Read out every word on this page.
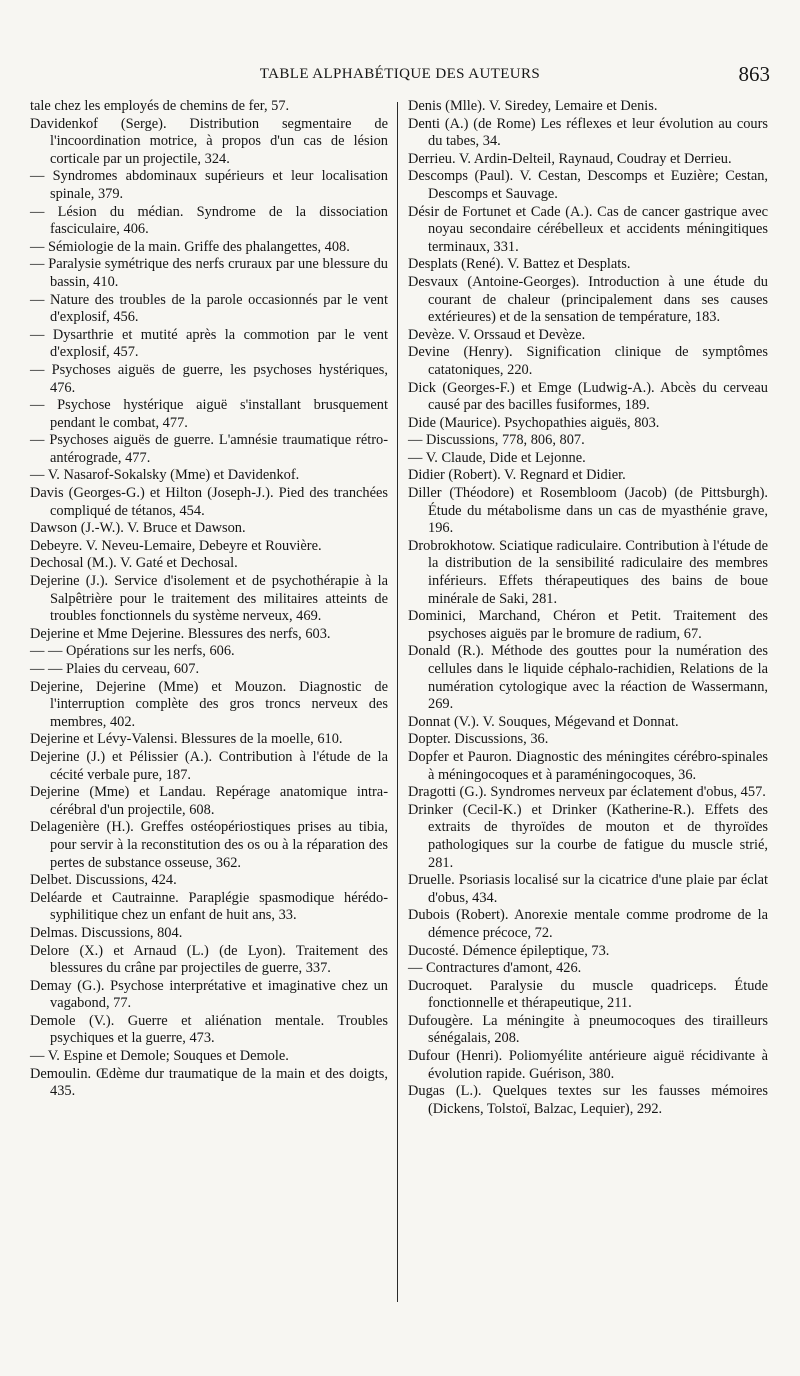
TABLE ALPHABÉTIQUE DES AUTEURS	863

tale chez les employés de chemins de fer, 57.

Davidenkof (Serge). Distribution segmentaire de l'incoordination motrice, à propos d'un cas de lésion corticale par un projectile, 324.

— Syndromes abdominaux supérieurs et leur localisation spinale, 379.

— Lésion du médian. Syndrome de la dissociation fasciculaire, 406.

— Sémiologie de la main. Griffe des phalangettes, 408.

— Paralysie symétrique des nerfs cruraux par une blessure du bassin, 410.

— Nature des troubles de la parole occasionnés par le vent d'explosif, 456.

— Dysarthrie et mutité après la commotion par le vent d'explosif, 457.

— Psychoses aiguës de guerre, les psychoses hystériques, 476.

— Psychose hystérique aiguë s'installant brusquement pendant le combat, 477.

— Psychoses aiguës de guerre. L'amnésie traumatique rétro-antérograde, 477.

— V. Nasarof-Sokalsky (Mme) et Davidenkof.

Davis (Georges-G.) et Hilton (Joseph-J.). Pied des tranchées compliqué de tétanos, 454.

Dawson (J.-W.). V. Bruce et Dawson.

Debeyre. V. Neveu-Lemaire, Debeyre et Rouvière.

Dechosal (M.). V. Gaté et Dechosal.

Dejerine (J.). Service d'isolement et de psychothérapie à la Salpêtrière pour le traitement des militaires atteints de troubles fonctionnels du système nerveux, 469.

Dejerine et Mme Dejerine. Blessures des nerfs, 603.

— — Opérations sur les nerfs, 606.

— — Plaies du cerveau, 607.

Dejerine, Dejerine (Mme) et Mouzon. Diagnostic de l'interruption complète des gros troncs nerveux des membres, 402.

Dejerine et Lévy-Valensi. Blessures de la moelle, 610.

Dejerine (J.) et Pélissier (A.). Contribution à l'étude de la cécité verbale pure, 187.

Dejerine (Mme) et Landau. Repérage anatomique intra-cérébral d'un projectile, 608.

Delagenière (H.). Greffes ostéopériostiques prises au tibia, pour servir à la reconstitution des os ou à la réparation des pertes de substance osseuse, 362.

Delbet. Discussions, 424.

Deléarde et Cautrainne. Paraplégie spasmodique hérédo-syphilitique chez un enfant de huit ans, 33.

Delmas. Discussions, 804.

Delore (X.) et Arnaud (L.) (de Lyon). Traitement des blessures du crâne par projectiles de guerre, 337.

Demay (G.). Psychose interprétative et imaginative chez un vagabond, 77.

Demole (V.). Guerre et aliénation mentale. Troubles psychiques et la guerre, 473.

— V. Espine et Demole; Souques et Demole.

Demoulin. Œdème dur traumatique de la main et des doigts, 435.

Denis (Mlle). V. Siredey, Lemaire et Denis.

Denti (A.) (de Rome) Les réflexes et leur évolution au cours du tabes, 34.

Derrieu. V. Ardin-Delteil, Raynaud, Coudray et Derrieu.

Descomps (Paul). V. Cestan, Descomps et Euzière; Cestan, Descomps et Sauvage.

Désir de Fortunet et Cade (A.). Cas de cancer gastrique avec noyau secondaire cérébelleux et accidents méningitiques terminaux, 331.

Desplats (René). V. Battez et Desplats.

Desvaux (Antoine-Georges). Introduction à une étude du courant de chaleur (principalement dans ses causes extérieures) et de la sensation de température, 183.

Devèze. V. Orssaud et Devèze.

Devine (Henry). Signification clinique de symptômes catatoniques, 220.

Dick (Georges-F.) et Emge (Ludwig-A.). Abcès du cerveau causé par des bacilles fusiformes, 189.

Dide (Maurice). Psychopathies aiguës, 803.

— Discussions, 778, 806, 807.

— V. Claude, Dide et Lejonne.

Didier (Robert). V. Regnard et Didier.

Diller (Théodore) et Rosembloom (Jacob) (de Pittsburgh). Étude du métabolisme dans un cas de myasthénie grave, 196.

Drobrokhotow. Sciatique radiculaire. Contribution à l'étude de la distribution de la sensibilité radiculaire des membres inférieurs. Effets thérapeutiques des bains de boue minérale de Saki, 281.

Dominici, Marchand, Chéron et Petit. Traitement des psychoses aiguës par le bromure de radium, 67.

Donald (R.). Méthode des gouttes pour la numération des cellules dans le liquide céphalo-rachidien, Relations de la numération cytologique avec la réaction de Wassermann, 269.

Donnat (V.). V. Souques, Mégevand et Donnat.

Dopter. Discussions, 36.

Dopfer et Pauron. Diagnostic des méningites cérébro-spinales à méningocoques et à paraméningocoques, 36.

Dragotti (G.). Syndromes nerveux par éclatement d'obus, 457.

Drinker (Cecil-K.) et Drinker (Katherine-R.). Effets des extraits de thyroïdes de mouton et de thyroïdes pathologiques sur la courbe de fatigue du muscle strié, 281.

Druelle. Psoriasis localisé sur la cicatrice d'une plaie par éclat d'obus, 434.

Dubois (Robert). Anorexie mentale comme prodrome de la démence précoce, 72.

Ducosté. Démence épileptique, 73.

— Contractures d'amont, 426.

Ducroquet. Paralysie du muscle quadriceps. Étude fonctionnelle et thérapeutique, 211.

Dufougère. La méningite à pneumocoques des tirailleurs sénégalais, 208.

Dufour (Henri). Poliomyélite antérieure aiguë récidivante à évolution rapide. Guérison, 380.

Dugas (L.). Quelques textes sur les fausses mémoires (Dickens, Tolstoï, Balzac, Lequier), 292.
